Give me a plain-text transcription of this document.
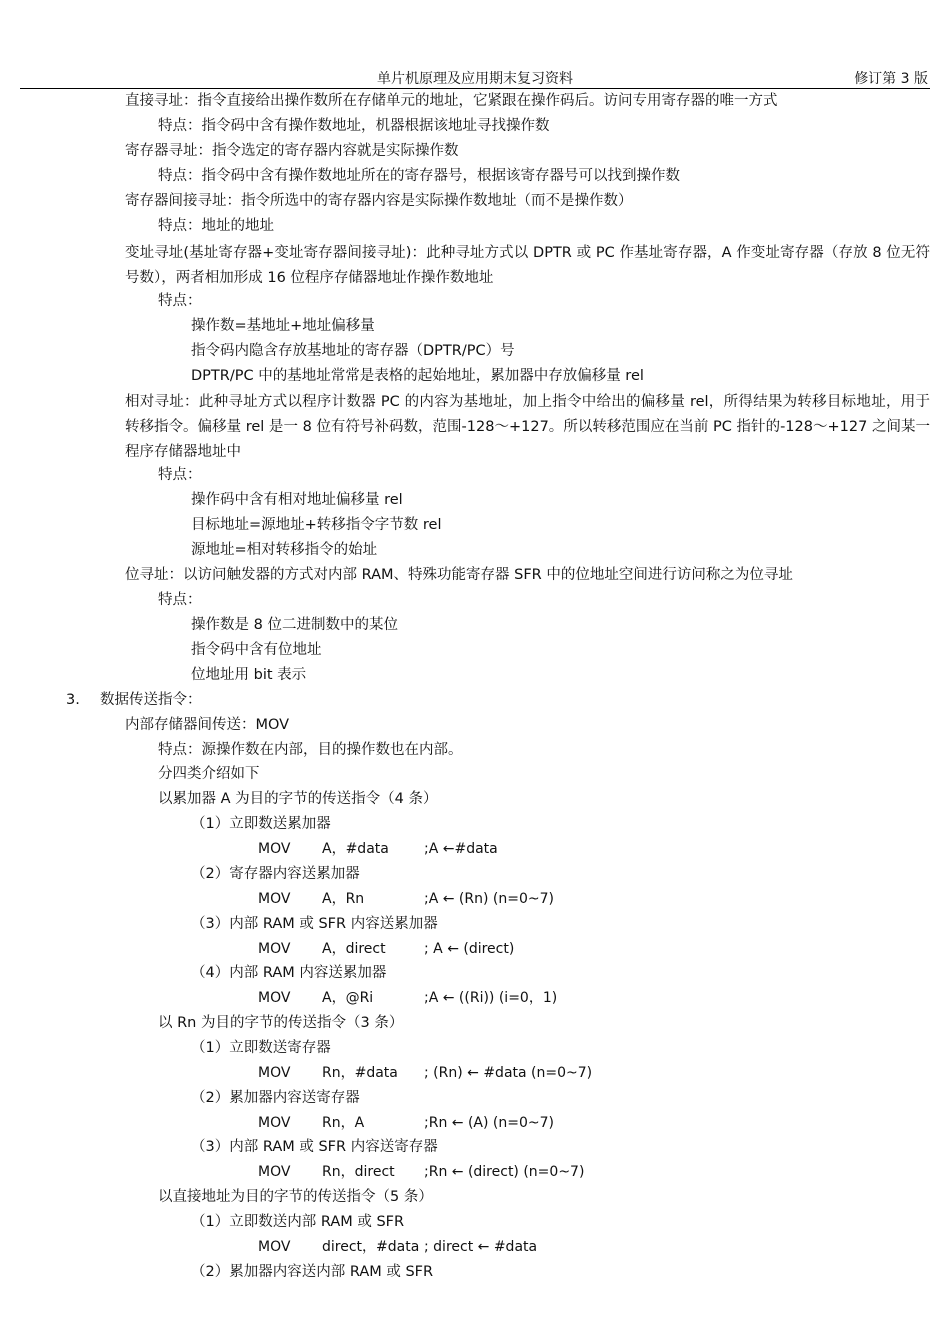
单片机原理及应用期末复习资料	修订第 3 版
直接寻址：指令直接给出操作数所在存储单元的地址，它紧跟在操作码后。访问专用寄存器的唯一方式
特点：指令码中含有操作数地址，机器根据该地址寻找操作数
寄存器寻址：指令选定的寄存器内容就是实际操作数
特点：指令码中含有操作数地址所在的寄存器号，根据该寄存器号可以找到操作数
寄存器间接寻址：指令所选中的寄存器内容是实际操作数地址（而不是操作数）
特点：地址的地址
变址寻址(基址寄存器+变址寄存器间接寻址)：此种寻址方式以 DPTR 或 PC 作基址寄存器，A 作变址寄存器（存放 8 位无符号数），两者相加形成 16 位程序存储器地址作操作数地址
特点：
操作数=基地址+地址偏移量
指令码内隐含存放基地址的寄存器（DPTR/PC）号
DPTR/PC 中的基地址常常是表格的起始地址，累加器中存放偏移量 rel
相对寻址：此种寻址方式以程序计数器 PC 的内容为基地址，加上指令中给出的偏移量 rel，所得结果为转移目标地址，用于转移指令。偏移量 rel 是一 8 位有符号补码数，范围-128～+127。所以转移范围应在当前 PC 指针的-128～+127 之间某一程序存储器地址中
特点：
操作码中含有相对地址偏移量 rel
目标地址=源地址+转移指令字节数 rel
源地址=相对转移指令的始址
位寻址：以访问触发器的方式对内部 RAM、特殊功能寄存器 SFR 中的位地址空间进行访问称之为位寻址
特点：
操作数是 8 位二进制数中的某位
指令码中含有位地址
位地址用 bit 表示
3. 数据传送指令：
内部存储器间传送：MOV
特点：源操作数在内部，目的操作数也在内部。
分四类介绍如下
以累加器 A 为目的字节的传送指令（4 条）
（1）立即数送累加器
MOV A，#data	;A ←#data
（2）寄存器内容送累加器
MOV A，Rn	;A ← (Rn) (n=0~7)
（3）内部 RAM 或 SFR 内容送累加器
MOV A，direct	; A ← (direct)
（4）内部 RAM 内容送累加器
MOV A，@Ri	;A ← ((Ri)) (i=0，1)
以 Rn 为目的字节的传送指令（3 条）
（1）立即数送寄存器
MOV Rn，#data ; (Rn) ← #data (n=0~7)
（2）累加器内容送寄存器
MOV Rn，A	;Rn ← (A) (n=0~7)
（3）内部 RAM 或 SFR 内容送寄存器
MOV Rn，direct ;Rn ← (direct) (n=0~7)
以直接地址为目的字节的传送指令（5 条）
（1）立即数送内部 RAM 或 SFR
MOV direct，#data ; direct ← #data
（2）累加器内容送内部 RAM 或 SFR
